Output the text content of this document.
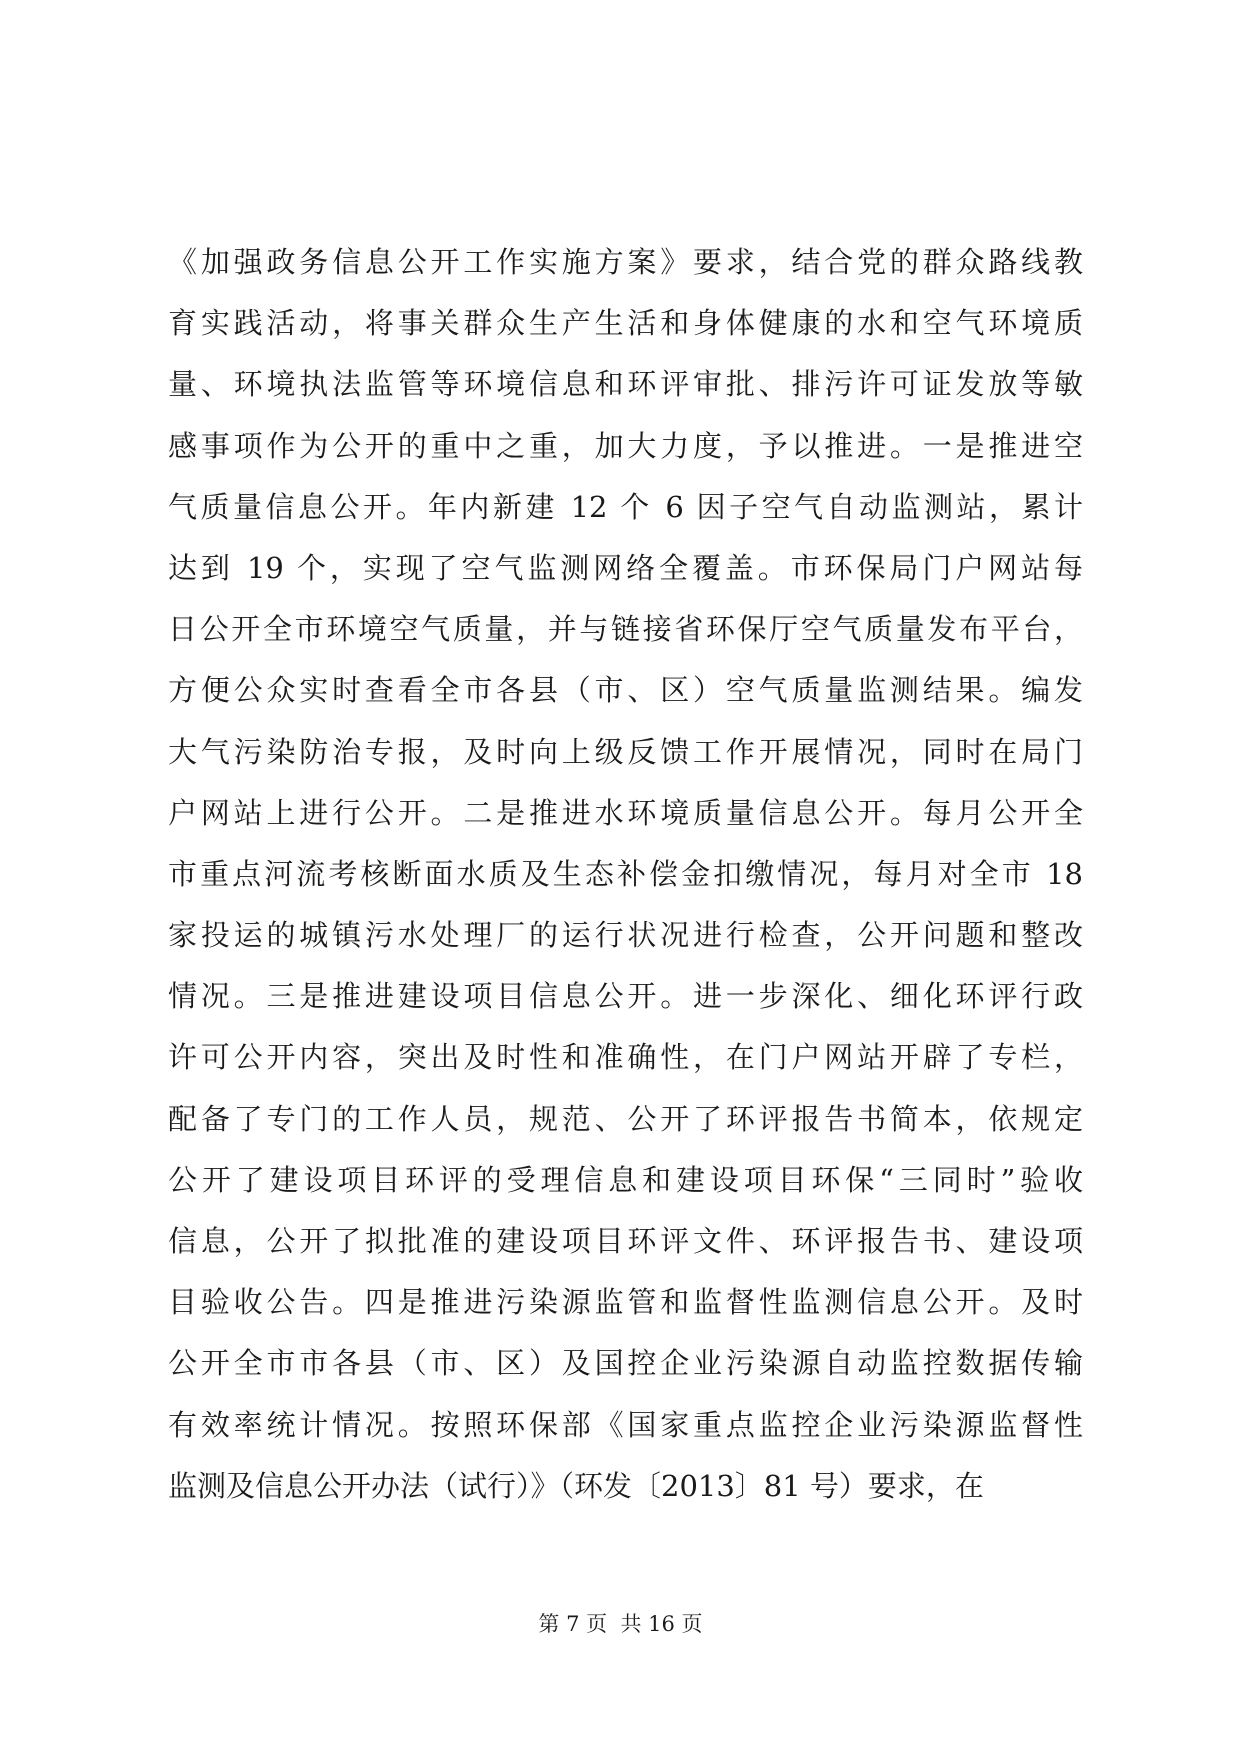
《加强政务信息公开工作实施方案》要求，结合党的群众路线教
育实践活动，将事关群众生产生活和身体健康的水和空气环境质
量、环境执法监管等环境信息和环评审批、排污许可证发放等敏
感事项作为公开的重中之重，加大力度，予以推进。一是推进空
气质量信息公开。年内新建 12 个 6 因子空气自动监测站，累计
达到 19 个，实现了空气监测网络全覆盖。市环保局门户网站每
日公开全市环境空气质量，并与链接省环保厅空气质量发布平台，
方便公众实时查看全市各县（市、区）空气质量监测结果。编发
大气污染防治专报，及时向上级反馈工作开展情况，同时在局门
户网站上进行公开。二是推进水环境质量信息公开。每月公开全
市重点河流考核断面水质及生态补偿金扣缴情况，每月对全市 18
家投运的城镇污水处理厂的运行状况进行检查，公开问题和整改
情况。三是推进建设项目信息公开。进一步深化、细化环评行政
许可公开内容，突出及时性和准确性，在门户网站开辟了专栏，
配备了专门的工作人员，规范、公开了环评报告书简本，依规定
公开了建设项目环评的受理信息和建设项目环保“三同时”验收
信息，公开了拟批准的建设项目环评文件、环评报告书、建设项
目验收公告。四是推进污染源监管和监督性监测信息公开。及时
公开全市市各县（市、区）及国控企业污染源自动监控数据传输
有效率统计情况。按照环保部《国家重点监控企业污染源监督性
监测及信息公开办法（试行）》（环发〔2013〕81 号）要求，在
第 7 页  共 16 页
